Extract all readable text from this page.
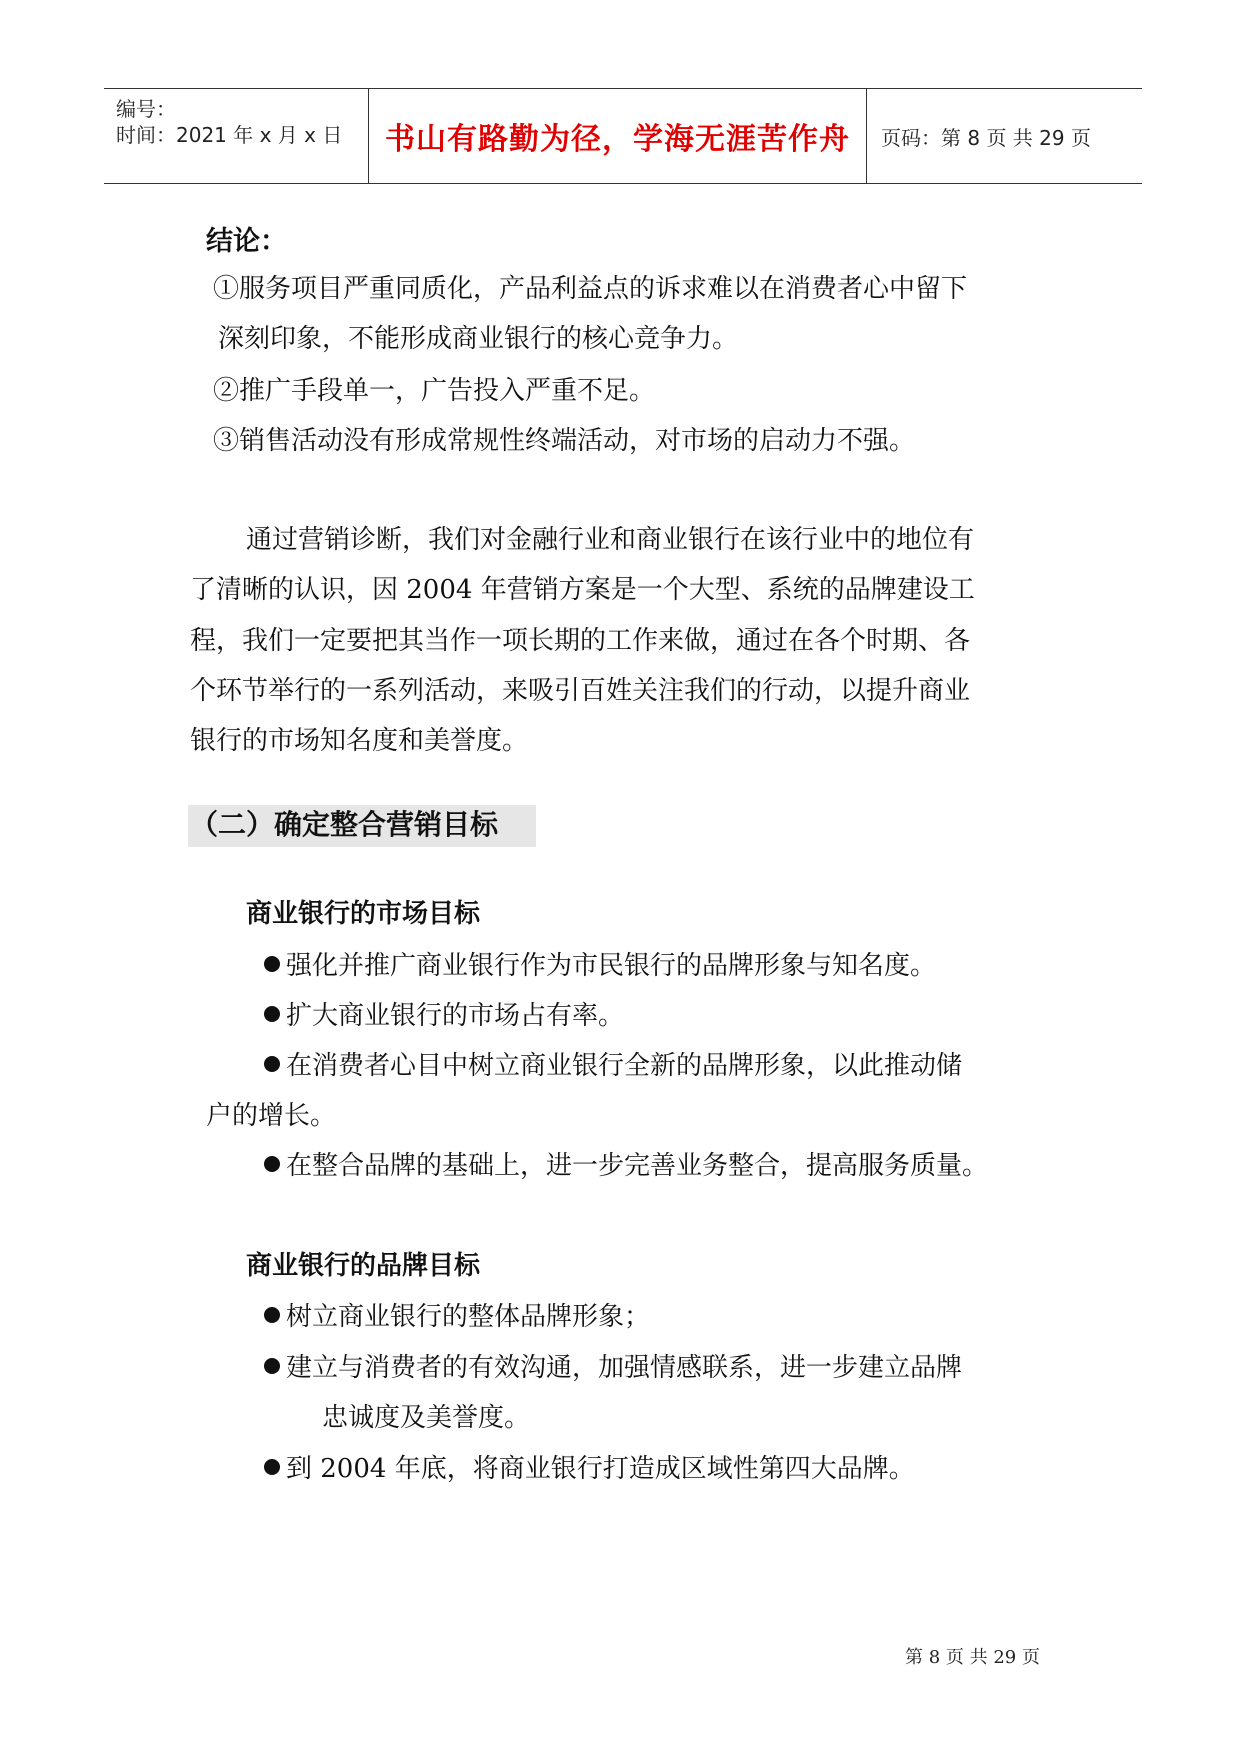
编号：
时间：2021 年 x 月 x 日 书山有路勤为径，学海无涯苦作舟 页码：第 8 页 共 29 页
结论：
①服务项目严重同质化，产品利益点的诉求难以在消费者心中留下
深刻印象，不能形成商业银行的核心竞争力。
②推广手段单一，广告投入严重不足。
③销售活动没有形成常规性终端活动，对市场的启动力不强。
通过营销诊断，我们对金融行业和商业银行在该行业中的地位有
了清晰的认识，因 2004 年营销方案是一个大型、系统的品牌建设工
程，我们一定要把其当作一项长期的工作来做，通过在各个时期、各
个环节举行的一系列活动，来吸引百姓关注我们的行动，以提升商业
银行的市场知名度和美誉度。
（二）确定整合营销目标
商业银行的市场目标
强化并推广商业银行作为市民银行的品牌形象与知名度。
扩大商业银行的市场占有率。
在消费者心目中树立商业银行全新的品牌形象，以此推动储
户的增长。
在整合品牌的基础上，进一步完善业务整合，提高服务质量。
商业银行的品牌目标
树立商业银行的整体品牌形象；
建立与消费者的有效沟通，加强情感联系，进一步建立品牌
忠诚度及美誉度。
到 2004 年底，将商业银行打造成区域性第四大品牌。
第 8 页 共 29 页
